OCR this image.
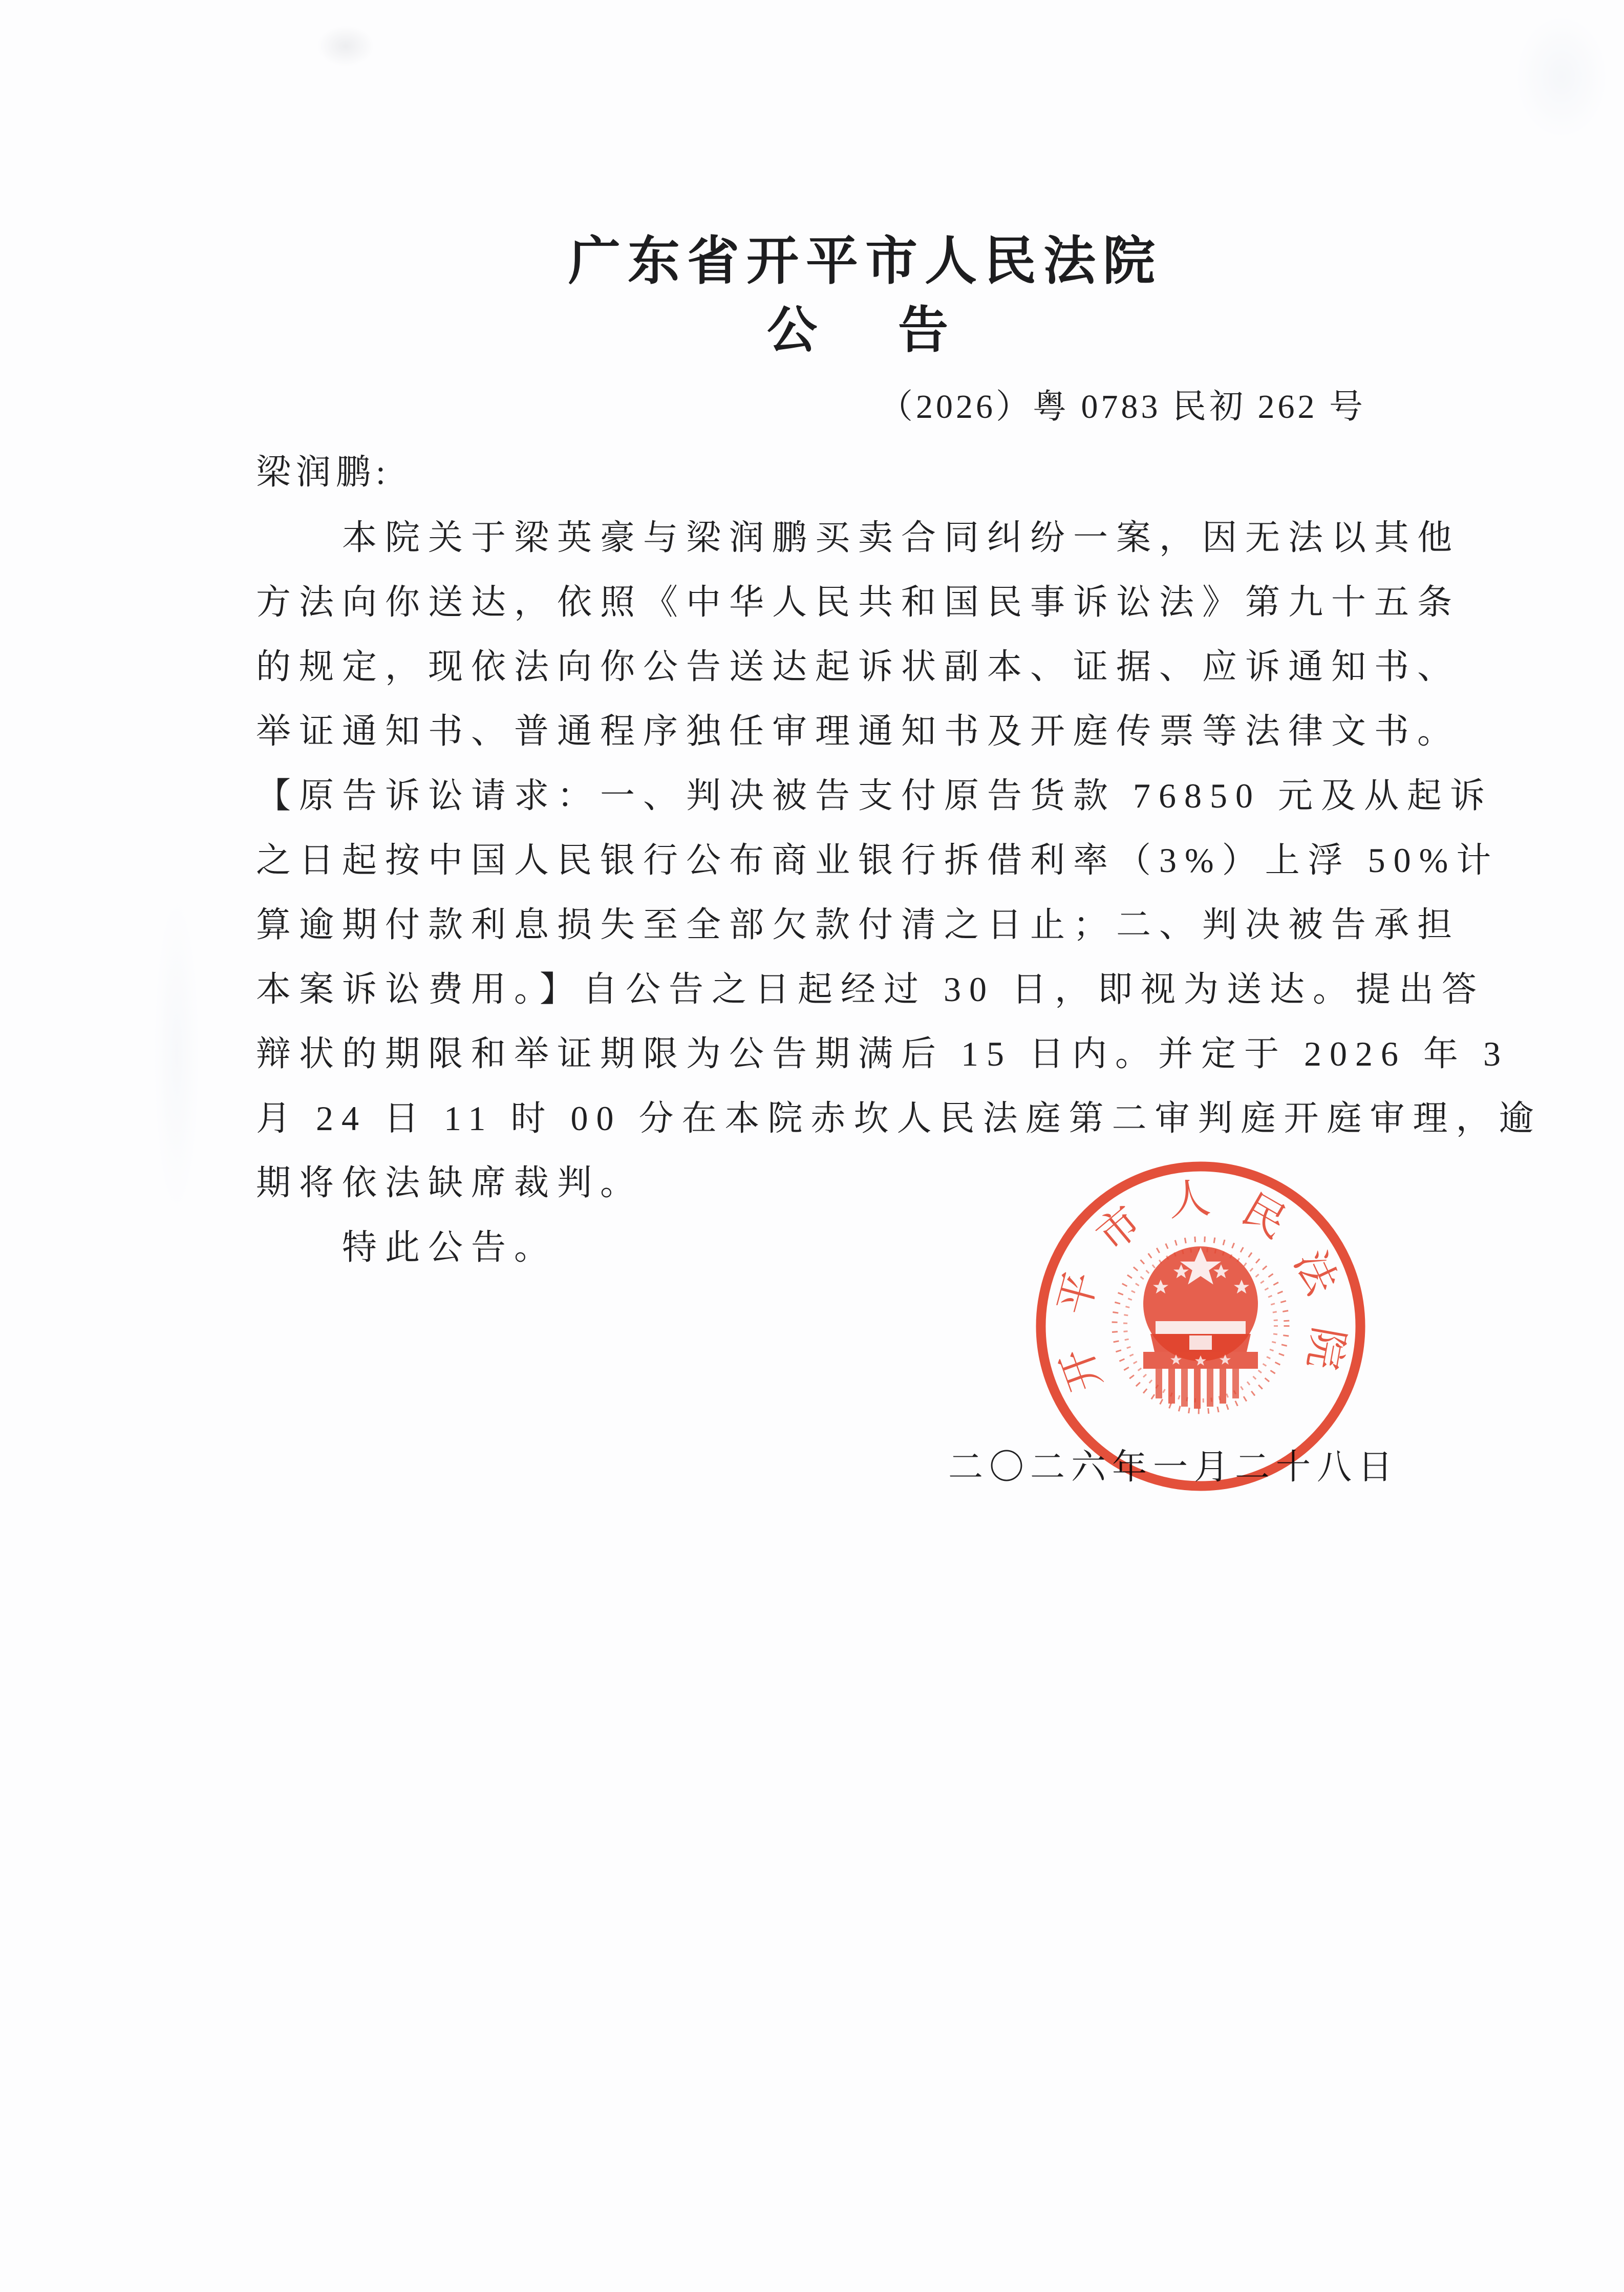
广东省开平市人民法院
公　告
（2026）粤 0783 民初 262 号
梁润鹏:
本院关于梁英豪与梁润鹏买卖合同纠纷一案，因无法以其他
方法向你送达，依照《中华人民共和国民事诉讼法》第九十五条
的规定，现依法向你公告送达起诉状副本、证据、应诉通知书、
举证通知书、普通程序独任审理通知书及开庭传票等法律文书。
【原告诉讼请求：一、判决被告支付原告货款 76850 元及从起诉
之日起按中国人民银行公布商业银行拆借利率（3%）上浮 50%计
算逾期付款利息损失至全部欠款付清之日止；二、判决被告承担
本案诉讼费用。】自公告之日起经过 30 日，即视为送达。提出答
辩状的期限和举证期限为公告期满后 15 日内。并定于 2026 年 3
月 24 日 11 时 00 分在本院赤坎人民法庭第二审判庭开庭审理，逾
期将依法缺席裁判。
特此公告。
二〇二六年一月二十八日
开
平
市 人 民
法
院
